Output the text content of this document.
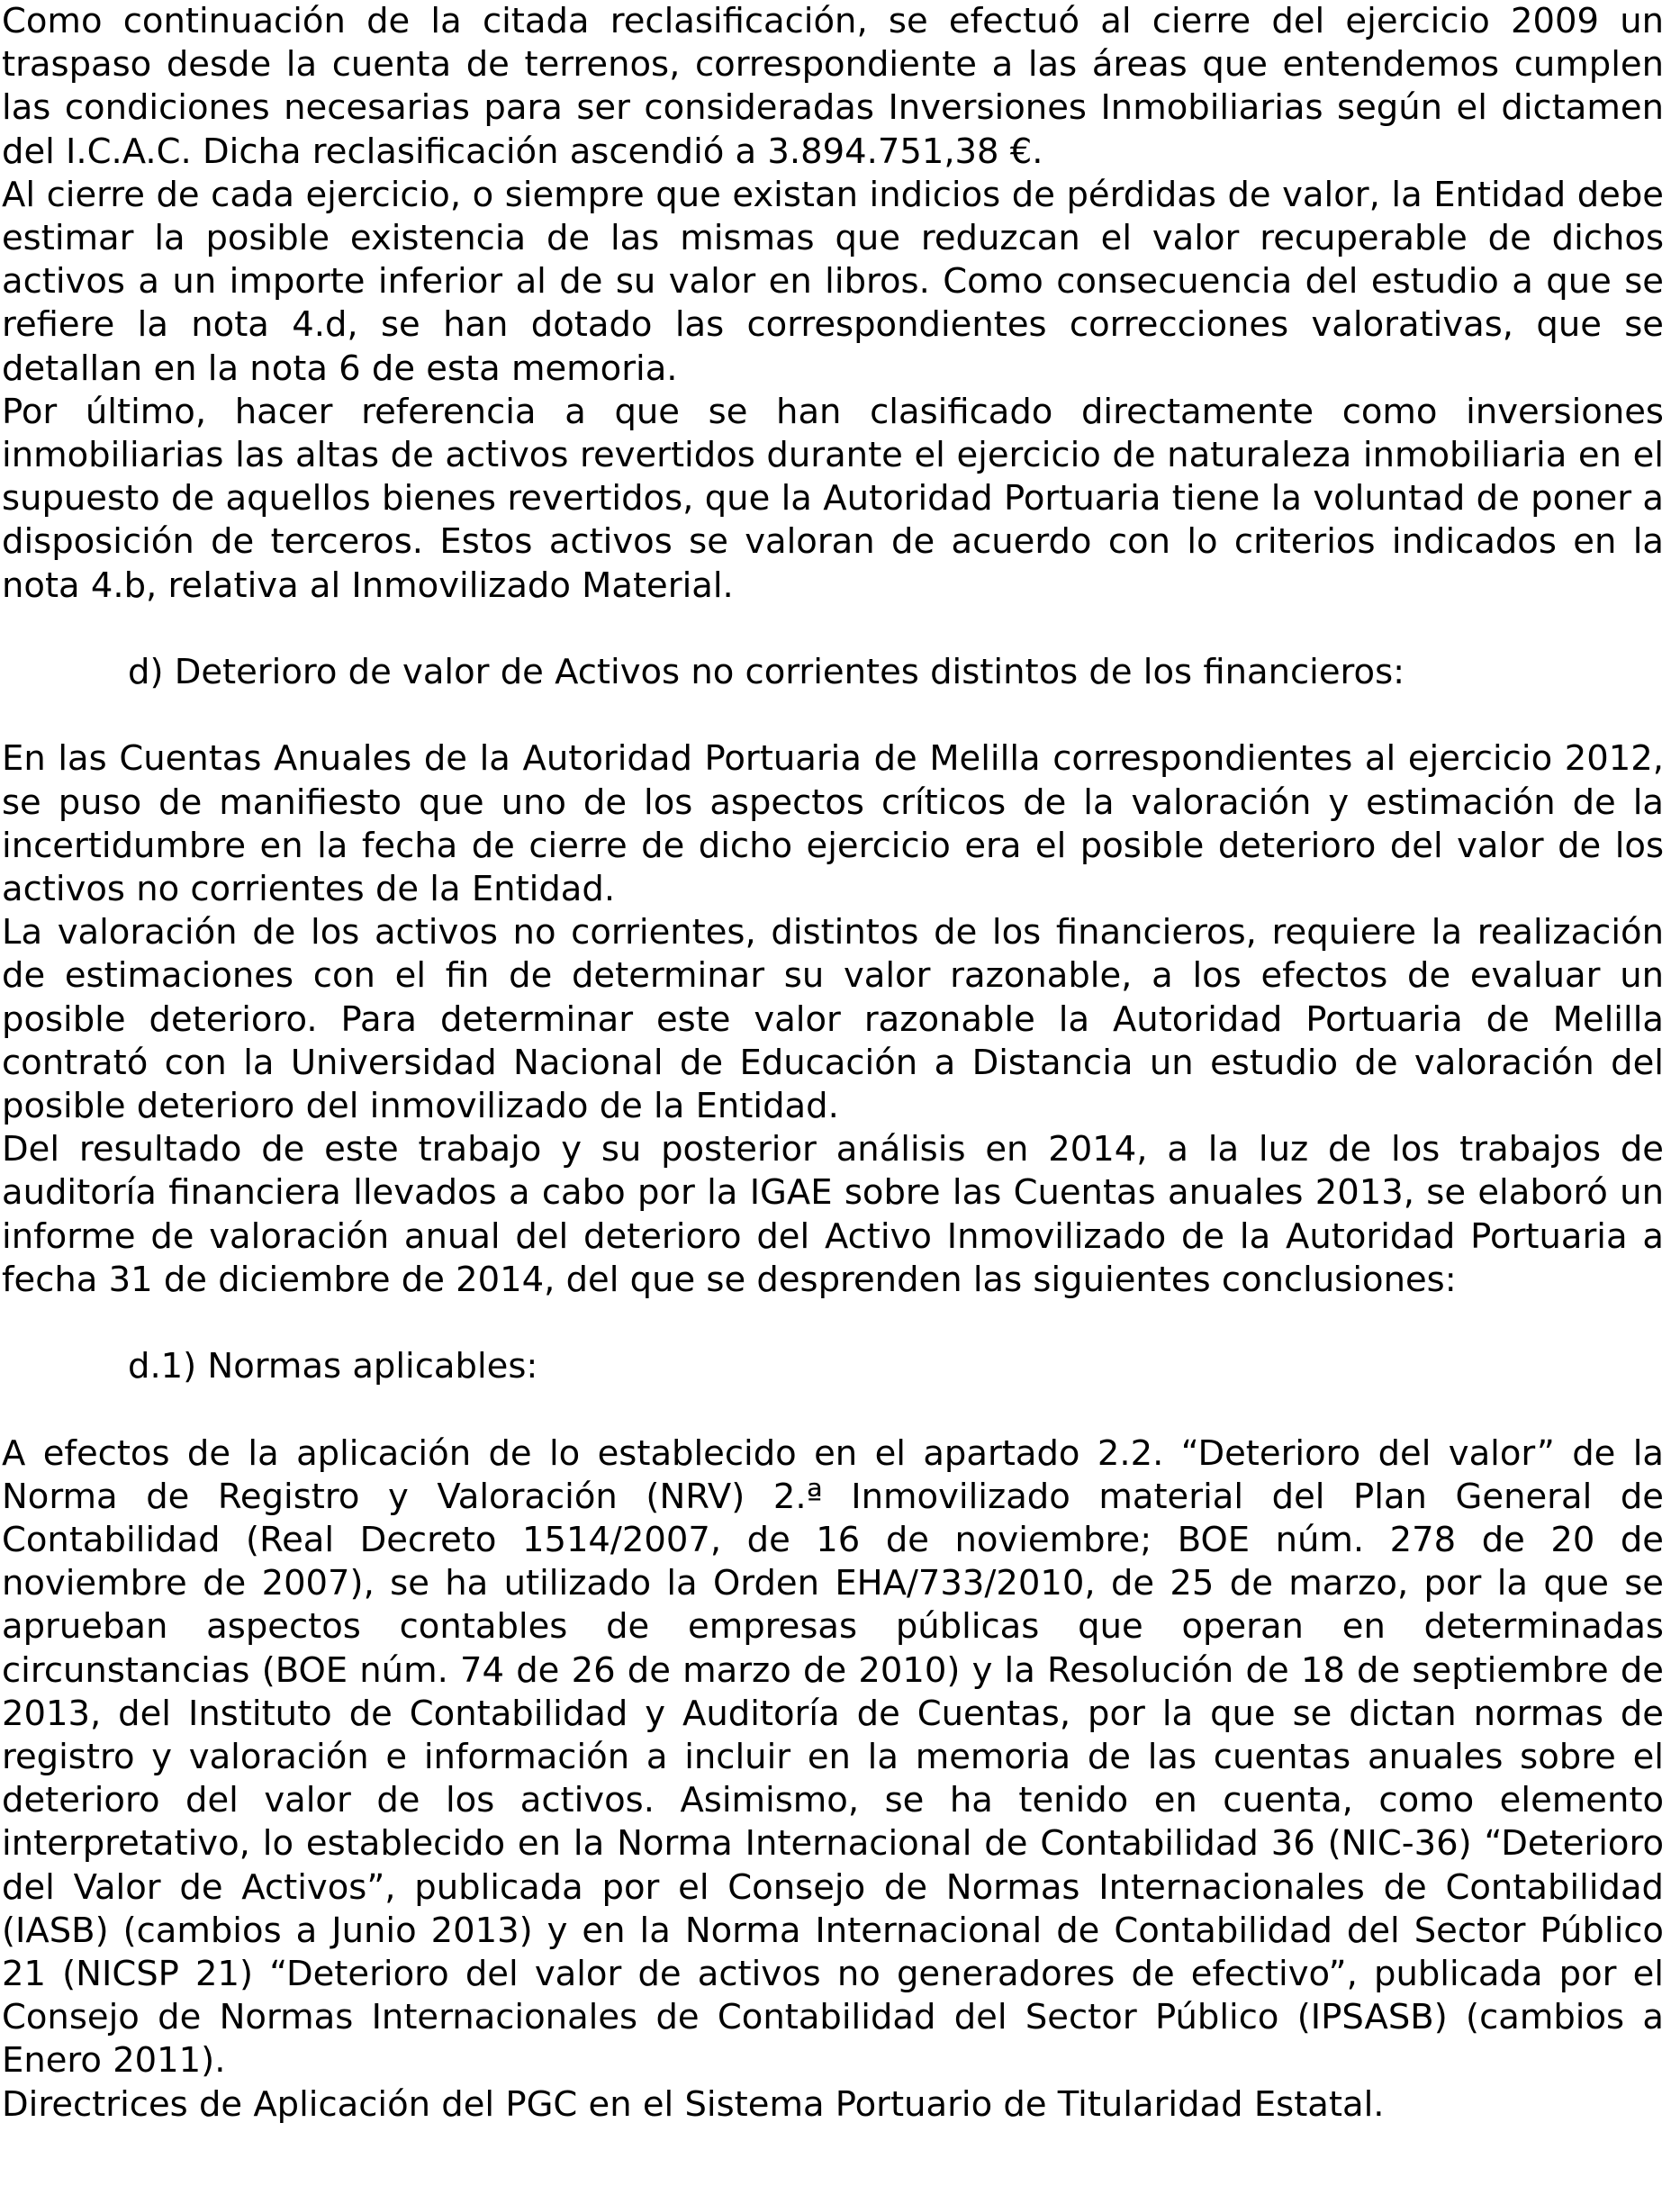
Como continuación de la citada reclasificación, se efectuó al cierre del ejercicio 2009 un traspaso desde la cuenta de terrenos, correspondiente a las áreas que entendemos cumplen las condiciones necesarias para ser consideradas Inversiones Inmobiliarias según el dictamen del I.C.A.C. Dicha reclasificación ascendió a 3.894.751,38 €.

Al cierre de cada ejercicio, o siempre que existan indicios de pérdidas de valor, la Entidad debe estimar la posible existencia de las mismas que reduzcan el valor recuperable de dichos activos a un importe inferior al de su valor en libros. Como consecuencia del estudio a que se refiere la nota 4.d, se han dotado las correspondientes correcciones valorativas, que se detallan en la nota 6 de esta memoria.

Por último, hacer referencia a que se han clasificado directamente como inversiones inmobiliarias las altas de activos revertidos durante el ejercicio de naturaleza inmobiliaria en el supuesto de aquellos bienes revertidos, que la Autoridad Portuaria tiene la voluntad de poner a disposición de terceros. Estos activos se valoran de acuerdo con lo criterios indicados en la nota 4.b, relativa al Inmovilizado Material.

d) Deterioro de valor de Activos no corrientes distintos de los financieros:

En las Cuentas Anuales de la Autoridad Portuaria de Melilla correspondientes al ejercicio 2012, se puso de manifiesto que uno de los aspectos críticos de la valoración y estimación de la incertidumbre en la fecha de cierre de dicho ejercicio era el posible deterioro del valor de los activos no corrientes de la Entidad.

La valoración de los activos no corrientes, distintos de los financieros, requiere la realización de estimaciones con el fin de determinar su valor razonable, a los efectos de evaluar un posible deterioro. Para determinar este valor razonable la Autoridad Portuaria de Melilla contrató con la Universidad Nacional de Educación a Distancia un estudio de valoración del posible deterioro del inmovilizado de la Entidad.

Del resultado de este trabajo y su posterior análisis en 2014, a la luz de los trabajos de auditoría financiera llevados a cabo por la IGAE sobre las Cuentas anuales 2013, se elaboró un informe de valoración anual del deterioro del Activo Inmovilizado de la Autoridad Portuaria a fecha 31 de diciembre de 2014, del que se desprenden las siguientes conclusiones:

d.1) Normas aplicables:

A efectos de la aplicación de lo establecido en el apartado 2.2. “Deterioro del valor” de la Norma de Registro y Valoración (NRV) 2.ª Inmovilizado material del Plan General de Contabilidad (Real Decreto 1514/2007, de 16 de noviembre; BOE núm. 278 de 20 de noviembre de 2007), se ha utilizado la Orden EHA/733/2010, de 25 de marzo, por la que se aprueban aspectos contables de empresas públicas que operan en determinadas circunstancias (BOE núm. 74 de 26 de marzo de 2010) y la Resolución de 18 de septiembre de 2013, del Instituto de Contabilidad y Auditoría de Cuentas, por la que se dictan normas de registro y valoración e información a incluir en la memoria de las cuentas anuales sobre el deterioro del valor de los activos. Asimismo, se ha tenido en cuenta, como elemento interpretativo, lo establecido en la Norma Internacional de Contabilidad 36 (NIC-36) “Deterioro del Valor de Activos”, publicada por el Consejo de Normas Internacionales de Contabilidad (IASB) (cambios a Junio 2013) y en la Norma Internacional de Contabilidad del Sector Público 21 (NICSP 21) “Deterioro del valor de activos no generadores de efectivo”, publicada por el Consejo de Normas Internacionales de Contabilidad del Sector Público (IPSASB) (cambios a Enero 2011).

Directrices de Aplicación del PGC en el Sistema Portuario de Titularidad Estatal.
